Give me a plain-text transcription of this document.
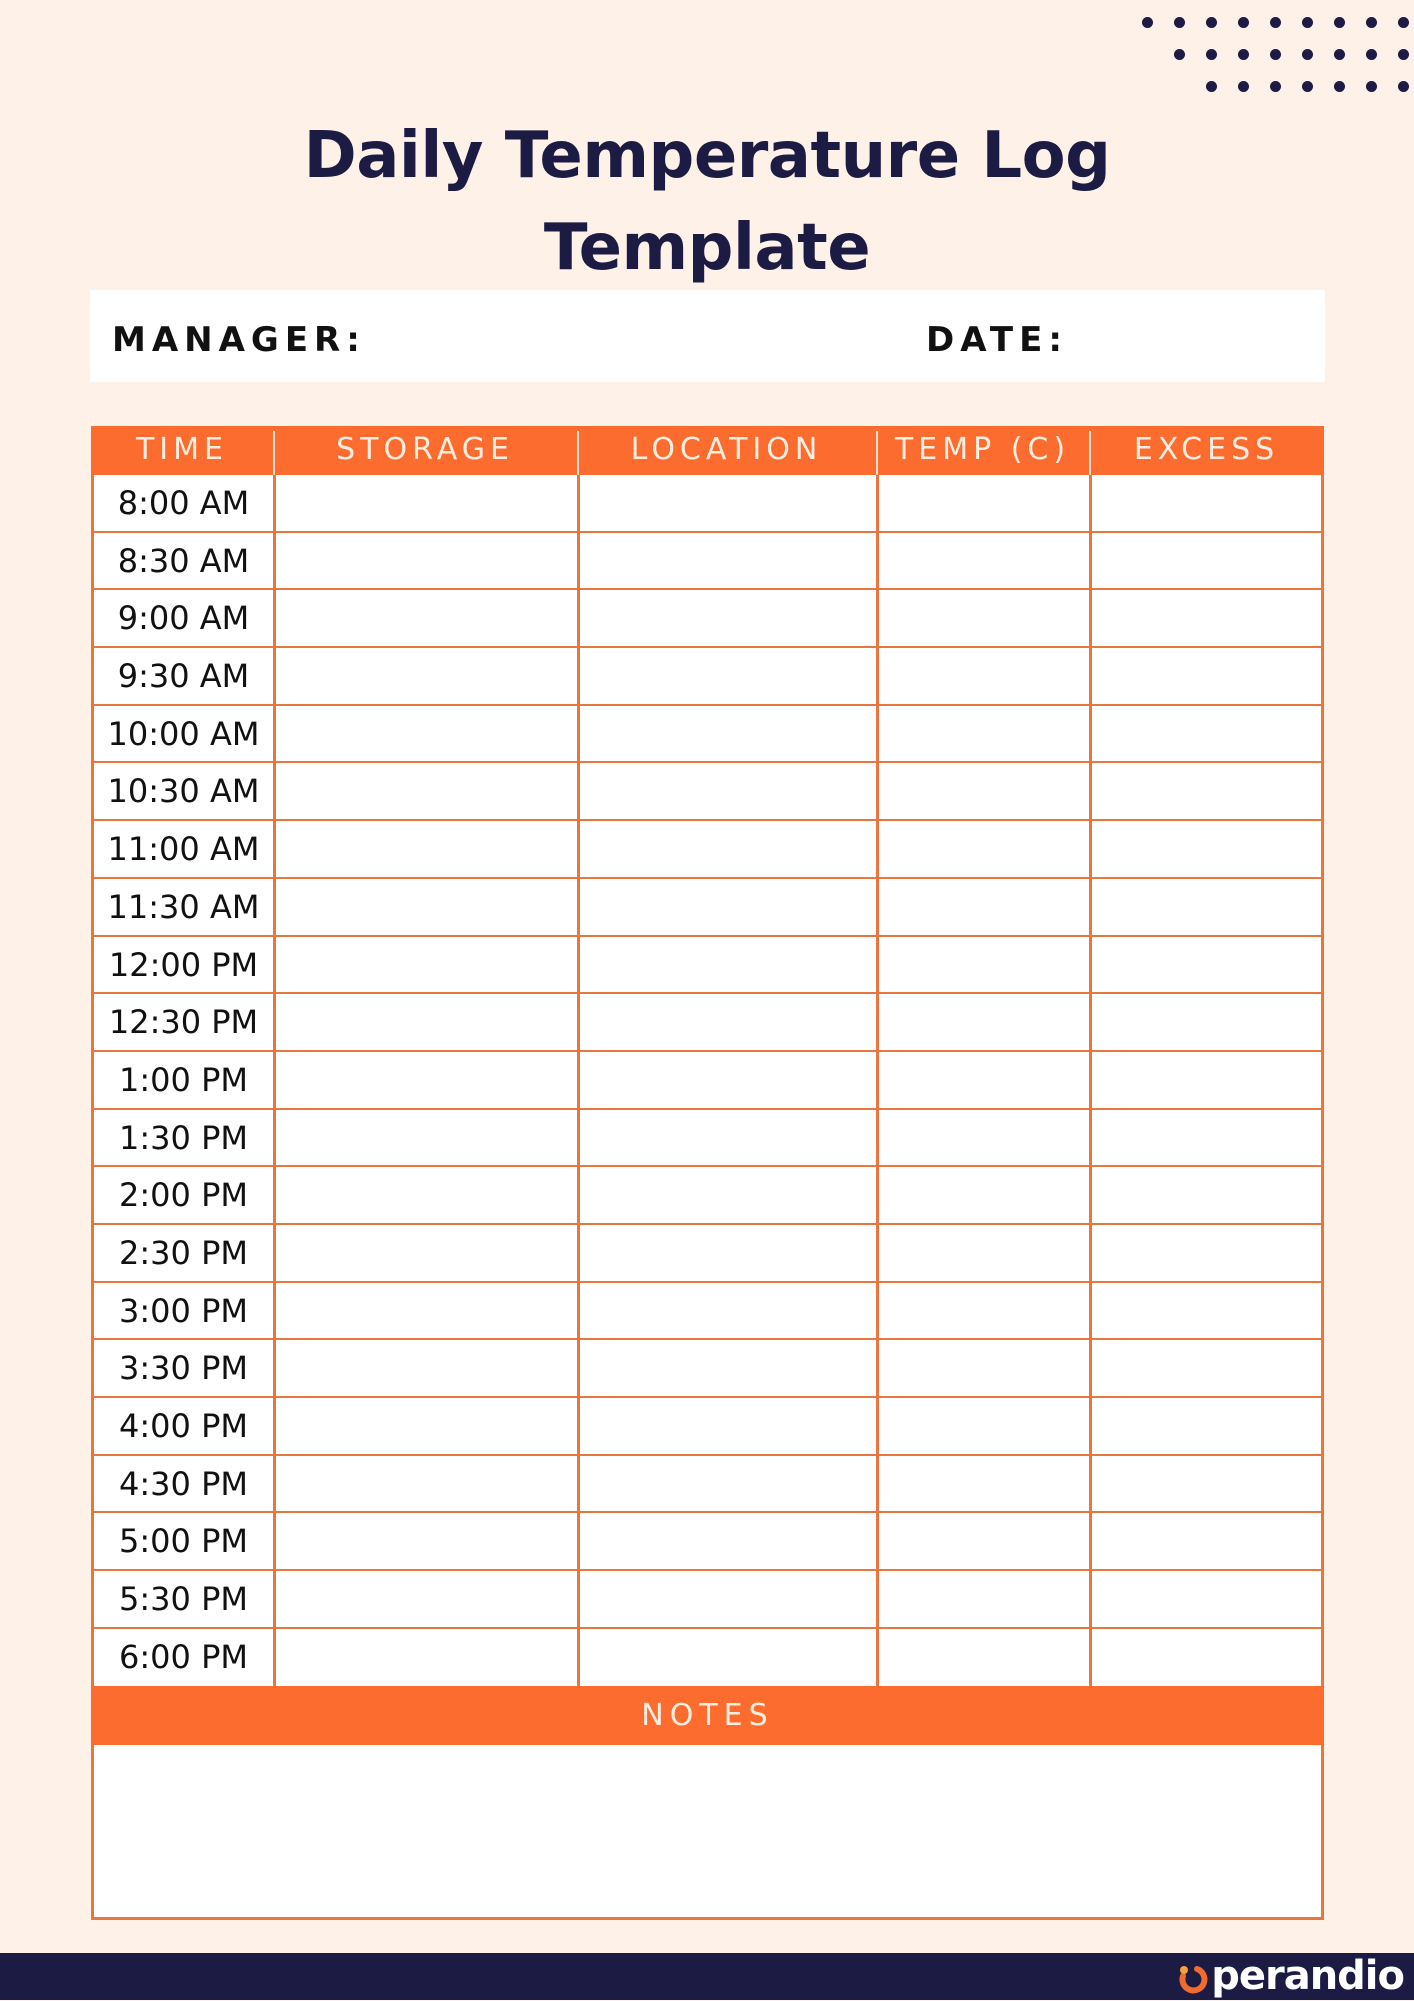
Daily Temperature Log
Template
MANAGER:	DATE:
TIME	STORAGE	LOCATION	TEMP (C)	EXCESS
8:00 AM
8:30 AM
9:00 AM
9:30 AM
10:00 AM
10:30 AM
11:00 AM
11:30 AM
12:00 PM
12:30 PM
1:00 PM
1:30 PM
2:00 PM
2:30 PM
3:00 PM
3:30 PM
4:00 PM
4:30 PM
5:00 PM
5:30 PM
6:00 PM
NOTES
perandio
